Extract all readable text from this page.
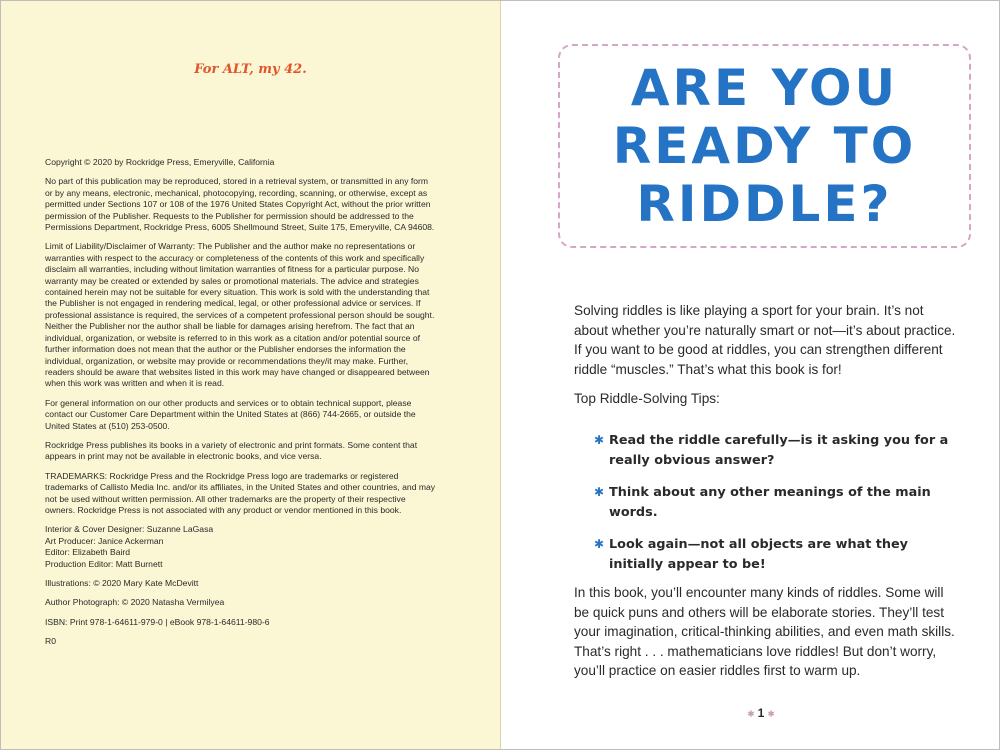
For ALT, my 42.

Copyright © 2020 by Rockridge Press, Emeryville, California

No part of this publication may be reproduced, stored in a retrieval system, or transmitted in any form or by any means, electronic, mechanical, photocopying, recording, scanning, or otherwise, except as permitted under Sections 107 or 108 of the 1976 United States Copyright Act, without the prior written permission of the Publisher. Requests to the Publisher for permission should be addressed to the Permissions Department, Rockridge Press, 6005 Shellmound Street, Suite 175, Emeryville, CA 94608.

Limit of Liability/Disclaimer of Warranty: The Publisher and the author make no representations or warranties with respect to the accuracy or completeness of the contents of this work and specifically disclaim all warranties, including without limitation warranties of fitness for a particular purpose. No warranty may be created or extended by sales or promotional materials. The advice and strategies contained herein may not be suitable for every situation. This work is sold with the understanding that the Publisher is not engaged in rendering medical, legal, or other professional advice or services. If professional assistance is required, the services of a competent professional person should be sought. Neither the Publisher nor the author shall be liable for damages arising herefrom. The fact that an individual, organization, or website is referred to in this work as a citation and/or potential source of further information does not mean that the author or the Publisher endorses the information the individual, organization, or website may provide or recommendations they/it may make. Further, readers should be aware that websites listed in this work may have changed or disappeared between when this work was written and when it is read.

For general information on our other products and services or to obtain technical support, please contact our Customer Care Department within the United States at (866) 744-2665, or outside the United States at (510) 253-0500.

Rockridge Press publishes its books in a variety of electronic and print formats. Some content that appears in print may not be available in electronic books, and vice versa.

TRADEMARKS: Rockridge Press and the Rockridge Press logo are trademarks or registered trademarks of Callisto Media Inc. and/or its affiliates, in the United States and other countries, and may not be used without written permission. All other trademarks are the property of their respective owners. Rockridge Press is not associated with any product or vendor mentioned in this book.

Interior & Cover Designer: Suzanne LaGasa
Art Producer: Janice Ackerman
Editor: Elizabeth Baird
Production Editor: Matt Burnett

Illustrations: © 2020 Mary Kate McDevitt

Author Photograph: © 2020 Natasha Vermilyea

ISBN: Print 978-1-64611-979-0 | eBook 978-1-64611-980-6

R0

ARE YOU
READY TO
RIDDLE?

Solving riddles is like playing a sport for your brain. It’s not about whether you’re naturally smart or not—it’s about practice. If you want to be good at riddles, you can strengthen different riddle “muscles.” That’s what this book is for!

Top Riddle-Solving Tips:

✱ Read the riddle carefully—is it asking you for a really obvious answer?
✱ Think about any other meanings of the main words.
✱ Look again—not all objects are what they initially appear to be!

In this book, you’ll encounter many kinds of riddles. Some will be quick puns and others will be elaborate stories. They’ll test your imagination, critical-thinking abilities, and even math skills. That’s right . . . mathematicians love riddles! But don’t worry, you’ll practice on easier riddles first to warm up.

✱ 1 ✱
